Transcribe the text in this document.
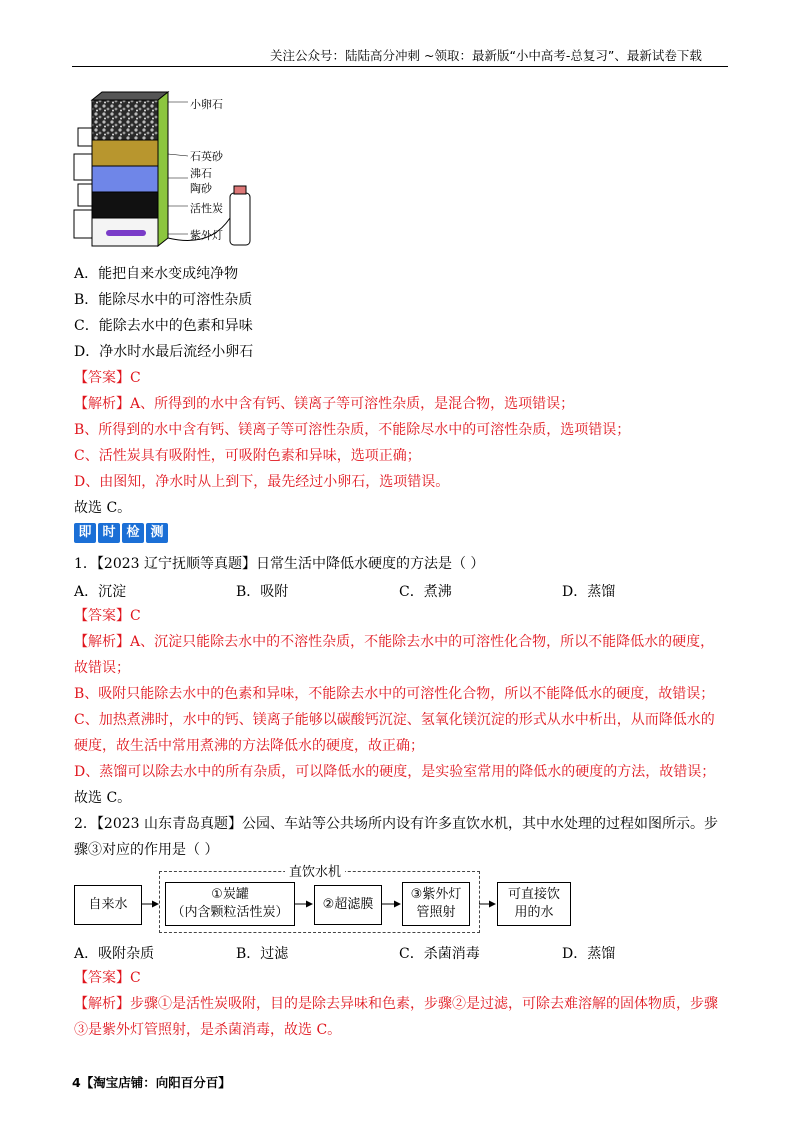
关注公众号：陆陆高分冲刺 ~领取：最新版“小中高考-总复习”、最新试卷下载
小卵石
石英砂
沸石
陶砂
活性炭
紫外灯
A．能把自来水变成纯净物
B．能除尽水中的可溶性杂质
C．能除去水中的色素和异味
D．净水时水最后流经小卵石
【答案】C
【解析】A、所得到的水中含有钙、镁离子等可溶性杂质，是混合物，选项错误；
B、所得到的水中含有钙、镁离子等可溶性杂质，不能除尽水中的可溶性杂质，选项错误；
C、活性炭具有吸附性，可吸附色素和异味，选项正确；
D、由图知，净水时从上到下，最先经过小卵石，选项错误。
故选 C。
即 时 检 测
1．【2023 辽宁抚顺等真题】日常生活中降低水硬度的方法是（ ）
A．沉淀	B．吸附	C．煮沸	D．蒸馏
【答案】C
【解析】A、沉淀只能除去水中的不溶性杂质，不能除去水中的可溶性化合物，所以不能降低水的硬度，
故错误；
B、吸附只能除去水中的色素和异味，不能除去水中的可溶性化合物，所以不能降低水的硬度，故错误；
C、加热煮沸时，水中的钙、镁离子能够以碳酸钙沉淀、氢氧化镁沉淀的形式从水中析出，从而降低水的
硬度，故生活中常用煮沸的方法降低水的硬度，故正确；
D、蒸馏可以除去水中的所有杂质，可以降低水的硬度，是实验室常用的降低水的硬度的方法，故错误；
故选 C。
2．【2023 山东青岛真题】公园、车站等公共场所内设有许多直饮水机，其中水处理的过程如图所示。步
骤③对应的作用是（ ）
直饮水机
自来水
①炭罐
（内含颗粒活性炭）
②超滤膜
③紫外灯
管照射
可直接饮
用的水
A．吸附杂质	B．过滤	C．杀菌消毒	D．蒸馏
【答案】C
【解析】步骤①是活性炭吸附，目的是除去异味和色素，步骤②是过滤，可除去难溶解的固体物质，步骤
③是紫外灯管照射，是杀菌消毒，故选 C。
4【淘宝店铺：向阳百分百】
